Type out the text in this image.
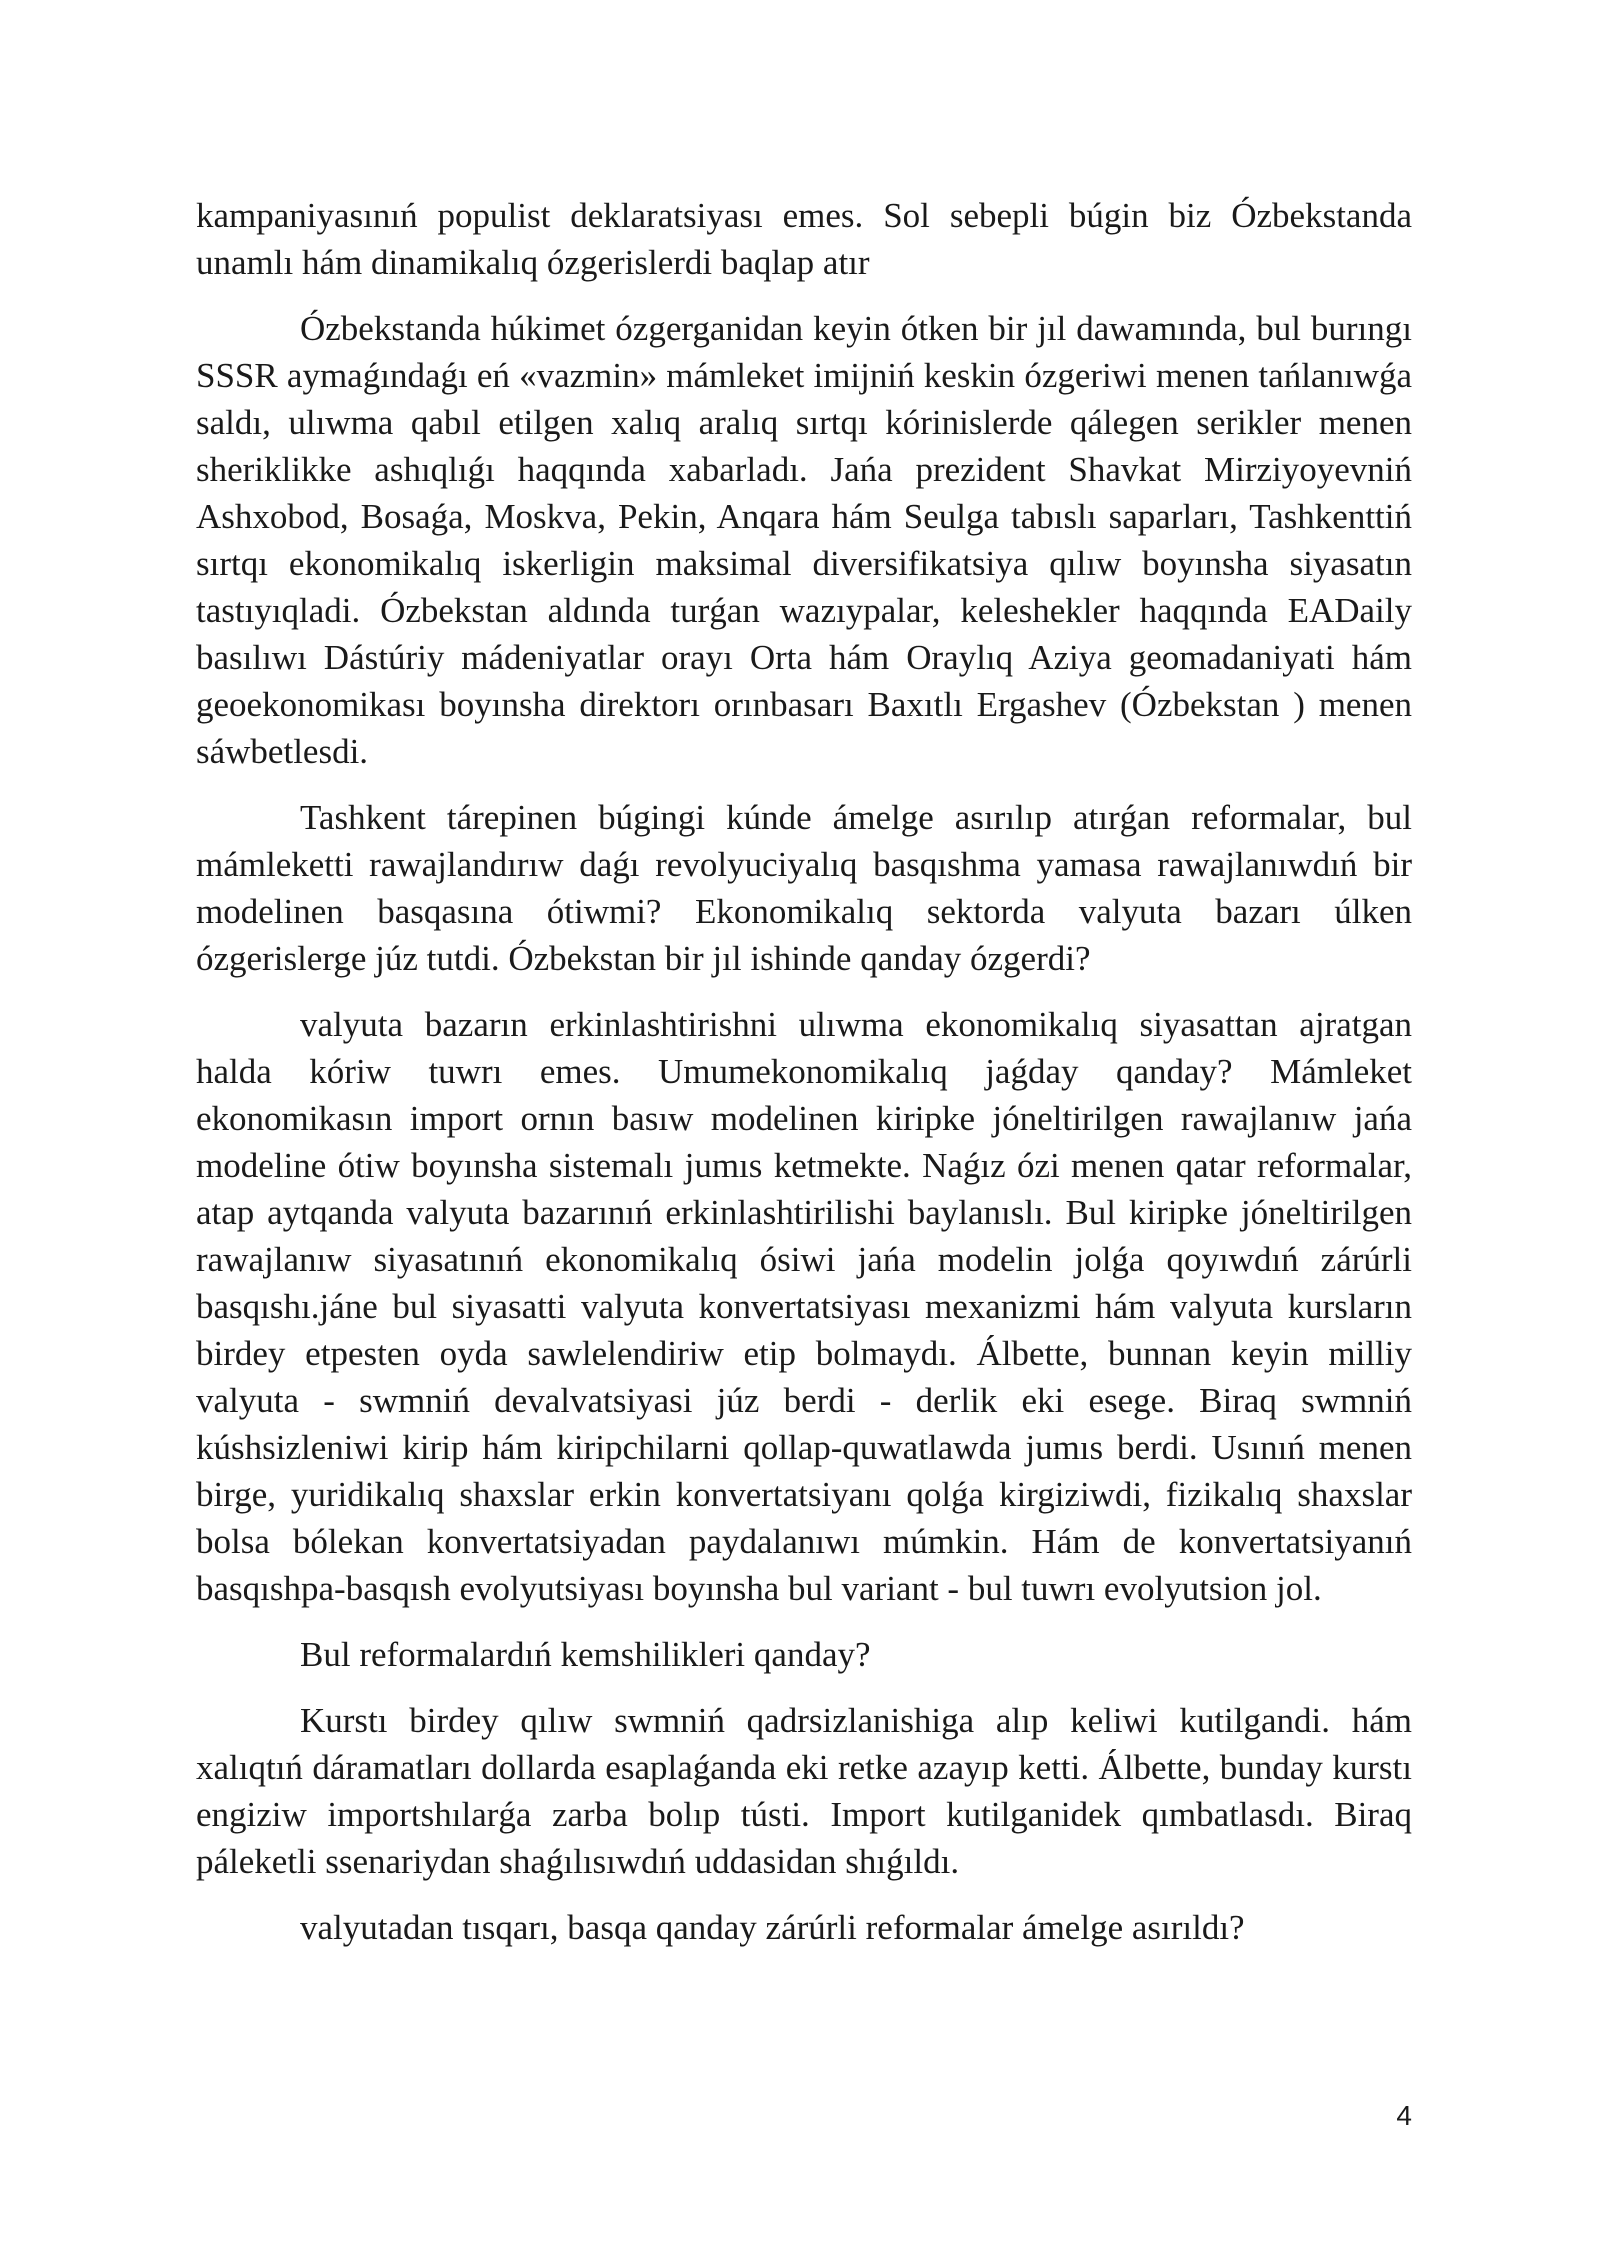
kampaniyasınıń populist deklaratsiyası emes. Sol sebepli búgin biz Ózbekstanda unamlı hám dinamikalıq ózgerislerdi baqlap atır

Ózbekstanda húkimet ózgerganidan keyin ótken bir jıl dawamında, bul burıngı SSSR aymaǵındaǵı eń «vazmin» mámleket imijniń keskin ózgeriwi menen tańlanıwǵa saldı, ulıwma qabıl etilgen xalıq aralıq sırtqı kórinislerde qálegen serikler menen sheriklikke ashıqlıǵı haqqında xabarladı. Jańa prezident Shavkat Mirziyoyevniń Ashxobod, Bosaǵa, Moskva, Pekin, Anqara hám Seulga tabıslı saparları, Tashkenttiń sırtqı ekonomikalıq iskerligin maksimal diversifikatsiya qılıw boyınsha siyasatın tastıyıqladi. Ózbekstan aldında turǵan wazıypalar, keleshekler haqqında EADaily basılıwı Dástúriy mádeniyatlar orayı Orta hám Oraylıq Aziya geomadaniyati hám geoekonomikası boyınsha direktorı orınbasarı Baxıtlı Ergashev (Ózbekstan ) menen sáwbetlesdi.

Tashkent tárepinen búgingi kúnde ámelge asırılıp atırǵan reformalar, bul mámleketti rawajlandırıw daǵı revolyuciyalıq basqıshma yamasa rawajlanıwdıń bir modelinen basqasına ótiwmi? Ekonomikalıq sektorda valyuta bazarı úlken ózgerislerge júz tutdi. Ózbekstan bir jıl ishinde qanday ózgerdi?

valyuta bazarın erkinlashtirishni ulıwma ekonomikalıq siyasattan ajratgan halda kóriw tuwrı emes. Umumekonomikalıq jaǵday qanday? Mámleket ekonomikasın import ornın basıw modelinen kiripke jóneltirilgen rawajlanıw jańa modeline ótiw boyınsha sistemalı jumıs ketmekte. Naǵız ózi menen qatar reformalar, atap aytqanda valyuta bazarınıń erkinlashtirilishi baylanıslı. Bul kiripke jóneltirilgen rawajlanıw siyasatınıń ekonomikalıq ósiwi jańa modelin jolǵa qoyıwdıń zárúrli basqıshı.jáne bul siyasatti valyuta konvertatsiyası mexanizmi hám valyuta kursların birdey etpesten oyda sawlelendiriw etip bolmaydı. Álbette, bunnan keyin milliy valyuta - swmniń devalvatsiyasi júz berdi - derlik eki esege. Biraq swmniń kúshsizleniwi kirip hám kiripchilarni qollap-quwatlawda jumıs berdi. Usınıń menen birge, yuridikalıq shaxslar erkin konvertatsiyanı qolǵa kirgiziwdi, fizikalıq shaxslar bolsa bólekan konvertatsiyadan paydalanıwı múmkin. Hám de konvertatsiyanıń basqıshpa-basqısh evolyutsiyası boyınsha bul variant - bul tuwrı evolyutsion jol.

Bul reformalardıń kemshilikleri qanday?

Kurstı birdey qılıw swmniń qadrsizlanishiga alıp keliwi kutilgandi. hám xalıqtıń dáramatları dollarda esaplaǵanda eki retke azayıp ketti. Álbette, bunday kurstı engiziw importshılarǵa zarba bolıp tústi. Import kutilganidek qımbatlasdı. Biraq páleketli ssenariydan shaǵılısıwdıń uddasidan shıǵıldı.

valyutadan tısqarı, basqa qanday zárúrli reformalar ámelge asırıldı?

4
